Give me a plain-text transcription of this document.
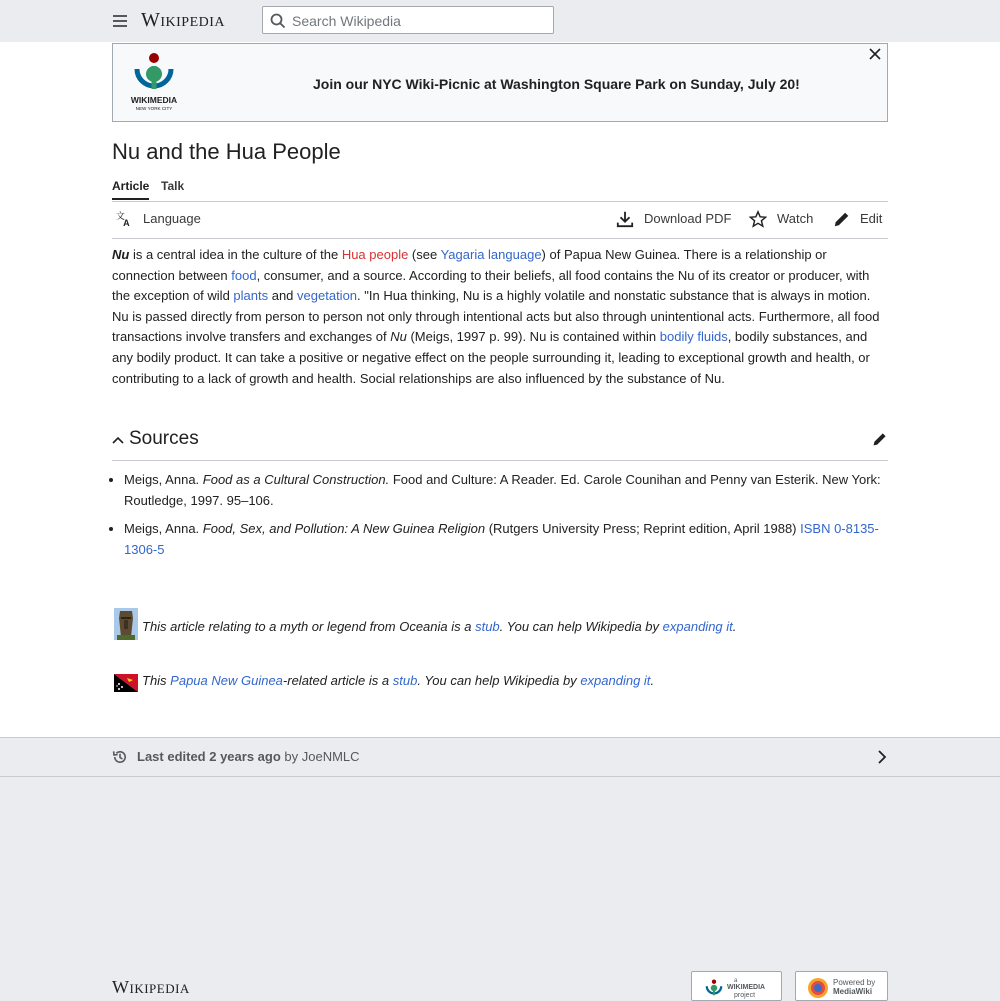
Wikipedia
Search Wikipedia
WIKIMEDIA
NEW YORK CITY
Join our NYC Wiki-Picnic at Washington Square Park on Sunday, July 20!
Nu and the Hua People
Article Talk
文
A Language	Download PDF	Watch	Edit

Nu is a central idea in the culture of the Hua people (see Yagaria language) of Papua New Guinea. There is a relationship or connection between food, consumer, and a source. According to their beliefs, all food contains the Nu of its creator or producer, with the exception of wild plants and vegetation. "In Hua thinking, Nu is a highly volatile and nonstatic substance that is always in motion. Nu is passed directly from person to person not only through intentional acts but also through unintentional acts. Furthermore, all food transactions involve transfers and exchanges of Nu (Meigs, 1997 p. 99). Nu is contained within bodily fluids, bodily substances, and any bodily product. It can take a positive or negative effect on the people surrounding it, leading to exceptional growth and health, or contributing to a lack of growth and health. Social relationships are also influenced by the substance of Nu.

Sources
• Meigs, Anna. Food as a Cultural Construction. Food and Culture: A Reader. Ed. Carole Counihan and Penny van Esterik. New York: Routledge, 1997. 95–106.
• Meigs, Anna. Food, Sex, and Pollution: A New Guinea Religion (Rutgers University Press; Reprint edition, April 1988) ISBN 0-8135-1306-5
This article relating to a myth or legend from Oceania is a stub. You can help Wikipedia by expanding it.
This Papua New Guinea-related article is a stub. You can help Wikipedia by expanding it.
Last edited 2 years ago by JoeNMLC
Wikipedia	a
WIKIMEDIA
project
Powered by
MediaWiki
